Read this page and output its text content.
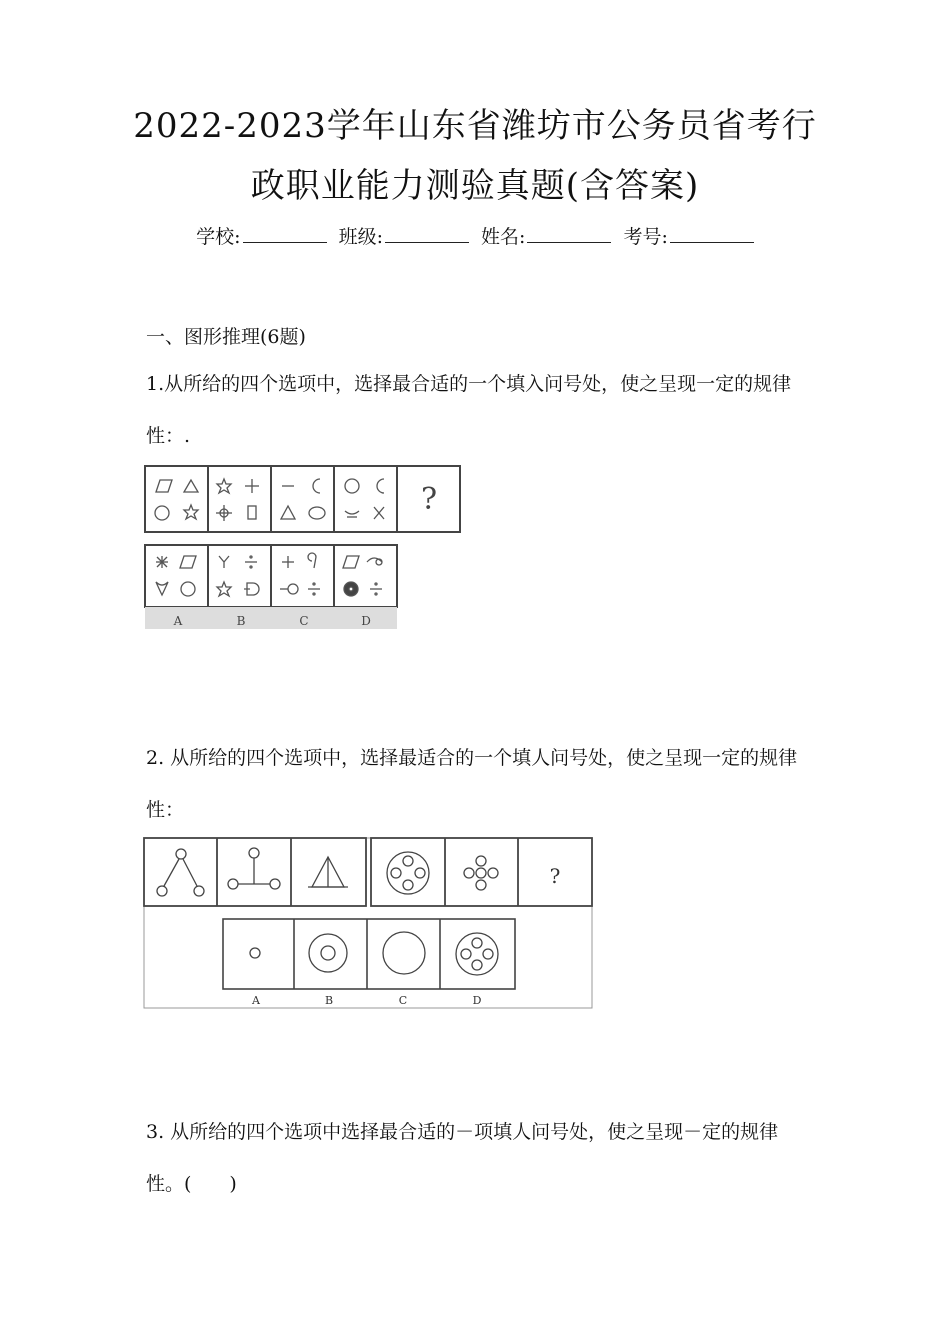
2022-2023学年山东省潍坊市公务员省考行
政职业能力测验真题(含答案)
学校:	班级:	姓名:	考号:
一、图形推理(6题)
1.从所给的四个选项中，选择最合适的一个填入问号处，使之呈现一定的规律性：.
?
A	B	C	D
2. 从所给的四个选项中，选择最适合的一个填人问号处，使之呈现一定的规律性：
?
A	B	C	D
3. 从所给的四个选项中选择最合适的－项填人问号处，使之呈现－定的规律性。(　　)
